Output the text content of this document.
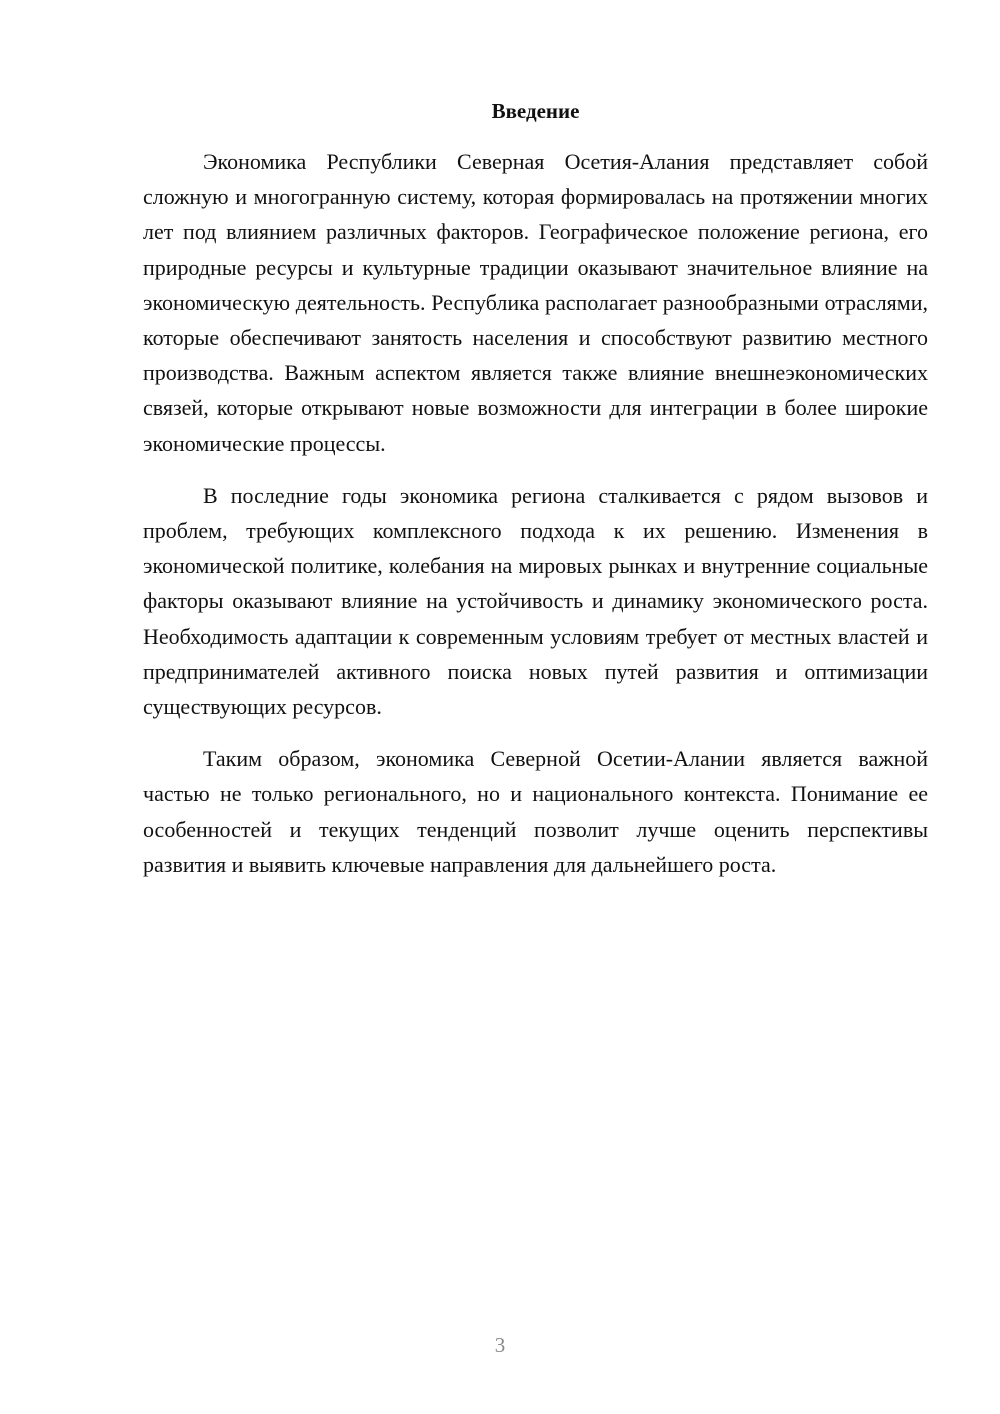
Введение

Экономика Республики Северная Осетия-Алания представляет собой сложную и многогранную систему, которая формировалась на протяжении многих лет под влиянием различных факторов. Географическое положение региона, его природные ресурсы и культурные традиции оказывают значительное влияние на экономическую деятельность. Республика располагает разнообразными отраслями, которые обеспечивают занятость населения и способствуют развитию местного производства. Важным аспектом является также влияние внешнеэкономических связей, которые открывают новые возможности для интеграции в более широкие экономические процессы.

В последние годы экономика региона сталкивается с рядом вызовов и проблем, требующих комплексного подхода к их решению. Изменения в экономической политике, колебания на мировых рынках и внутренние социальные факторы оказывают влияние на устойчивость и динамику экономического роста. Необходимость адаптации к современным условиям требует от местных властей и предпринимателей активного поиска новых путей развития и оптимизации существующих ресурсов.

Таким образом, экономика Северной Осетии-Алании является важной частью не только регионального, но и национального контекста. Понимание ее особенностей и текущих тенденций позволит лучше оценить перспективы развития и выявить ключевые направления для дальнейшего роста.

3
